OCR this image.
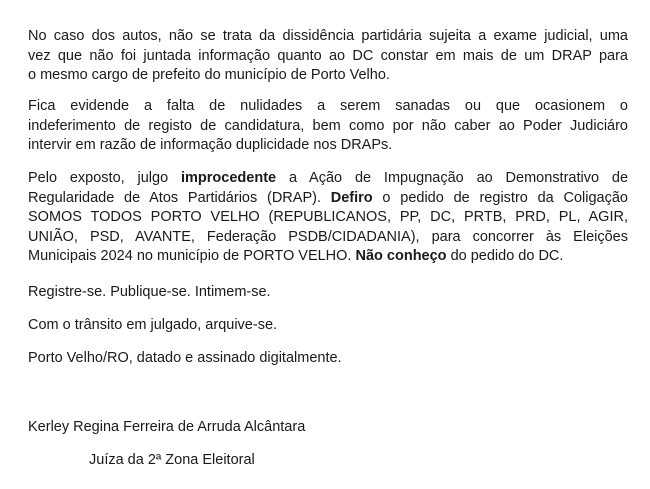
No caso dos autos, não se trata da dissidência partidária sujeita a exame judicial, uma
vez que não foi juntada informação quanto ao DC constar em mais de um DRAP para
o mesmo cargo de prefeito do município de Porto Velho.

Fica evidende a falta de nulidades a serem sanadas ou que ocasionem o
indeferimento de registo de candidatura, bem como por não caber ao Poder Judiciáro
intervir em razão de informação duplicidade nos DRAPs.

Pelo exposto, julgo improcedente a Ação de Impugnação ao Demonstrativo de
Regularidade de Atos Partidários (DRAP). Defiro o pedido de registro da Coligação
SOMOS TODOS PORTO VELHO (REPUBLICANOS, PP, DC, PRTB, PRD, PL, AGIR,
UNIÃO, PSD, AVANTE, Federação PSDB/CIDADANIA), para concorrer às Eleições
Municipais 2024 no município de PORTO VELHO. Não conheço do pedido do DC.

Registre-se. Publique-se. Intimem-se.

Com o trânsito em julgado, arquive-se.

Porto Velho/RO, datado e assinado digitalmente.

Kerley Regina Ferreira de Arruda Alcântara

Juíza da 2ª Zona Eleitoral
